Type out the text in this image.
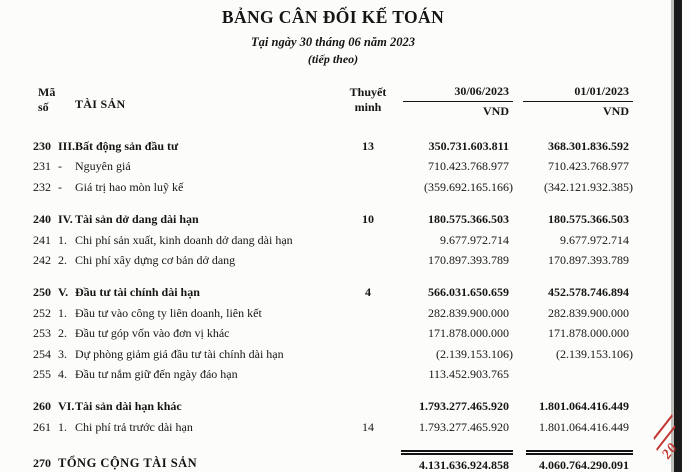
BẢNG CÂN ĐỐI KẾ TOÁN
Tại ngày 30 tháng 06 năm 2023
(tiếp theo)
Mã
số	TÀI SẢN
Thuyết
minh
30/06/2023
VND
01/01/2023
VND
230 III. Bất động sản đầu tư	13	350.731.603.811	368.301.836.592
231 -	Nguyên giá	710.423.768.977	710.423.768.977
232 -	Giá trị hao mòn luỹ kế	(359.692.165.166)	(342.121.932.385)
240 IV. Tài sản dở dang dài hạn	10	180.575.366.503	180.575.366.503
241 1. Chi phí sản xuất, kinh doanh dở dang dài hạn	9.677.972.714	9.677.972.714
242 2. Chi phí xây dựng cơ bản dở dang	170.897.393.789	170.897.393.789
250 V. Đầu tư tài chính dài hạn	4	566.031.650.659	452.578.746.894
252 1. Đầu tư vào công ty liên doanh, liên kết	282.839.900.000	282.839.900.000
253 2. Đầu tư góp vốn vào đơn vị khác	171.878.000.000	171.878.000.000
254 3. Dự phòng giảm giá đầu tư tài chính dài hạn	(2.139.153.106)	(2.139.153.106)
255 4. Đầu tư nắm giữ đến ngày đáo hạn	113.452.903.765
260 VI. Tài sản dài hạn khác	1.793.277.465.920	1.801.064.416.449
261 1. Chi phí trả trước dài hạn	14	1.793.277.465.920	1.801.064.416.449
270 TỔNG CỘNG TÀI SẢN	4.131.636.924.858	4.060.764.290.091
20
